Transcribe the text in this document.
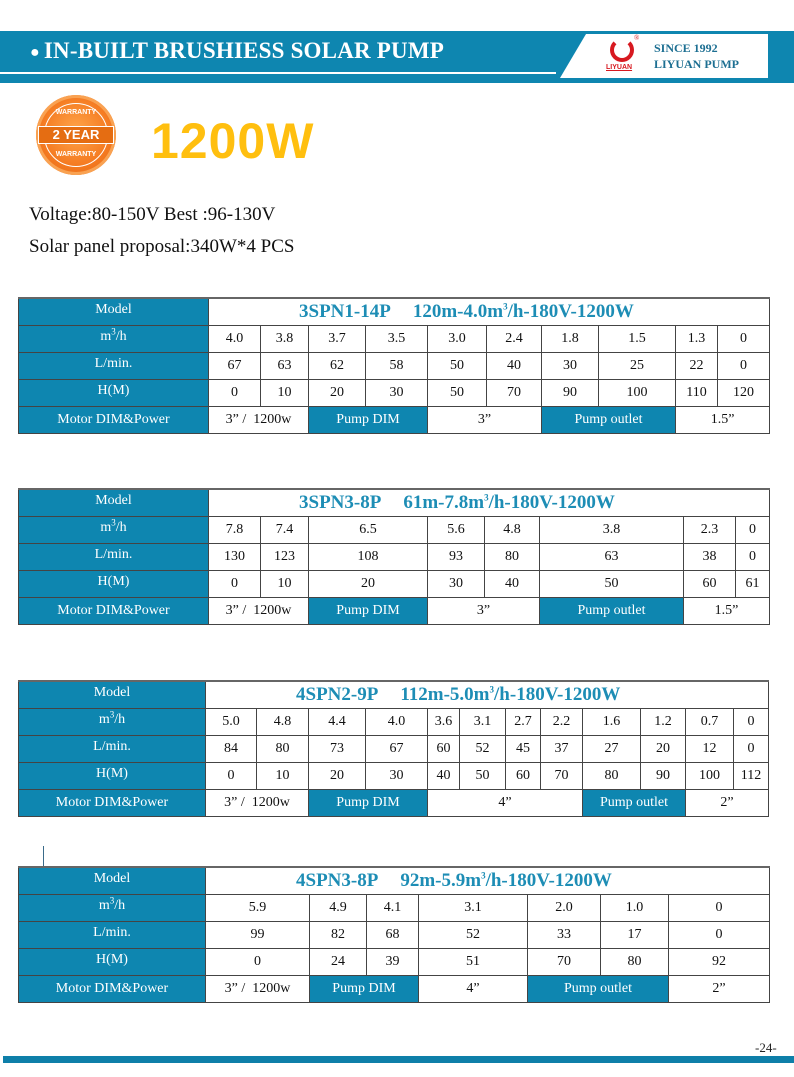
● IN-BUILT BRUSHIESS SOLAR PUMP	®
LIYUAN
SINCE 1992
LIYUAN PUMP
WARRANTY
2 YEAR
WARRANTY	1200W
Voltage:80-150V Best :96-130V
Solar panel proposal:340W*4 PCS
Model	3SPN1-14P $120m-4.0m^3/h-180V-1200W$									
$m^3/h$	4.0	3.8	3.7	3.5	3.0	2.4	1.8	1.5	1.3	0
L/min.	67	63	62	58	50	40	30	25	22	0
H(M)	0	10	20	30	50	70	90	100	110	120
Motor DIM&Power	3” / 1200w		Pump DIM		3”		Pump outlet		1.5”	
Model	3SPN3-8P $61m-7.8m^3/h-180V-1200W$							
$m^3/h$	7.8	7.4	6.5	5.6	4.8	3.8	2.3	0
L/min.	130	123	108	93	80	63	38	0
H(M)	0	10	20	30	40	50	60	61
Motor DIM&Power	3” / 1200w		Pump DIM	3”		Pump outlet	1.5”	
Model	4SPN2-9P $112m-5.0m^3/h-180V-1200W$											
$m^3/h$	5.0	4.8	4.4	4.0	3.6	3.1	2.7	2.2	1.6	1.2	0.7	0
L/min.	84	80	73	67	60	52	45	37	27	20	12	0
H(M)	0	10	20	30	40	50	60	70	80	90	100	112
Motor DIM&Power	3” / 1200w		Pump DIM		4”				Pump outlet		2”	
Model	4SPN3-8P $92m-5.9m^3/h-180V-1200W$						
$m^3/h$	5.9	4.9	4.1	3.1	2.0	1.0	0
L/min.	99	82	68	52	33	17	0
H(M)	0	24	39	51	70	80	92
Motor DIM&Power	3” / 1200w	Pump DIM		4”	Pump outlet		2”
-24-
